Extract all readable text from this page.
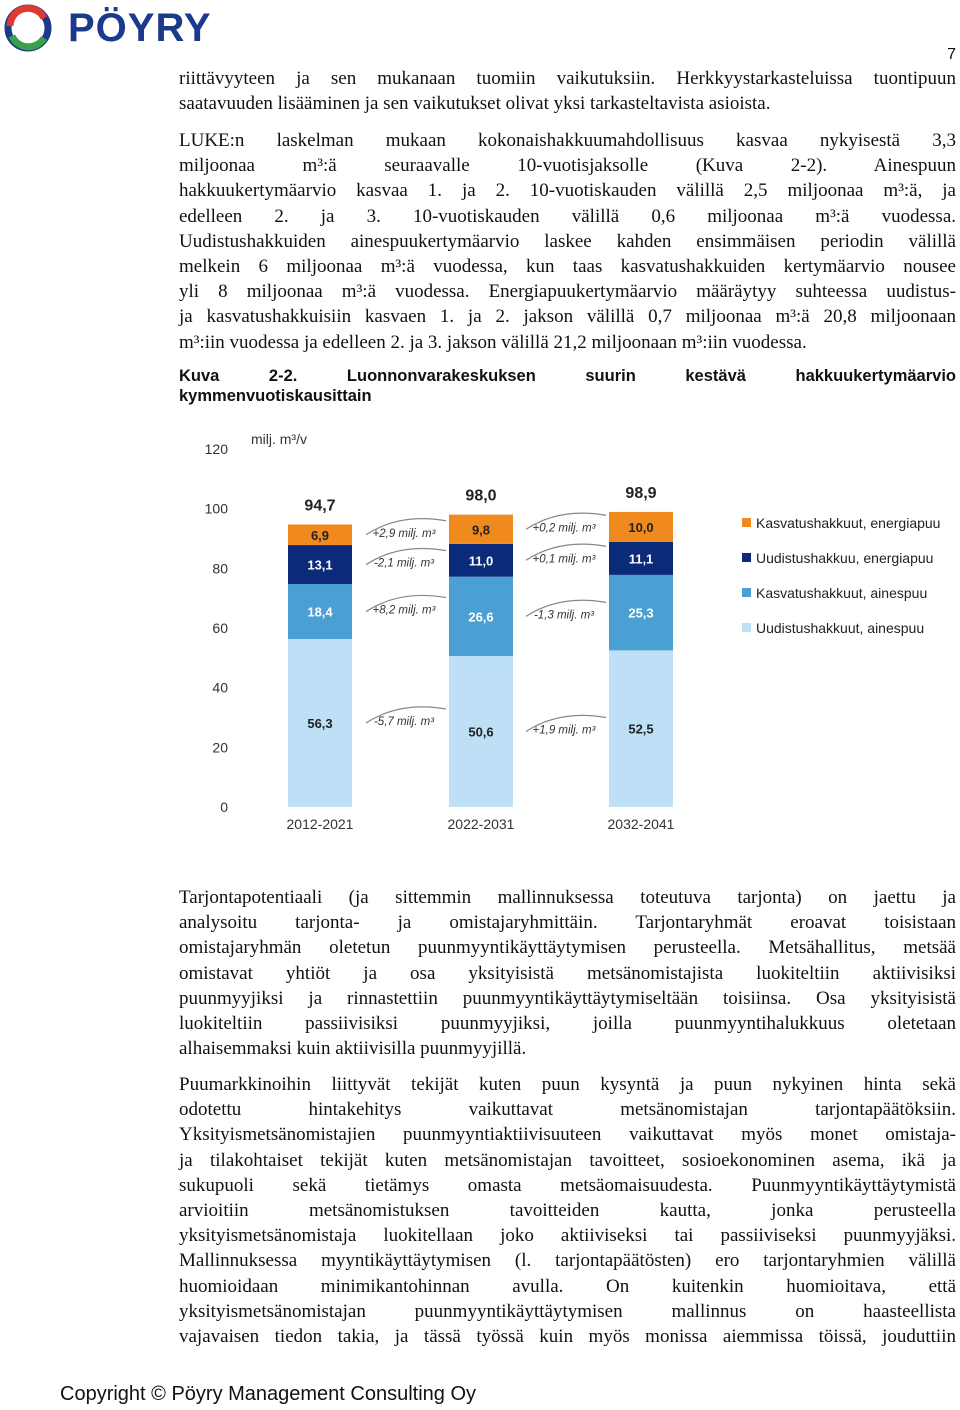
PÖYRY
7
riittävyyteen ja sen mukanaan tuomiin vaikutuksiin. Herkkyystarkasteluissa tuontipuun
saatavuuden lisääminen ja sen vaikutukset olivat yksi tarkasteltavista asioista.
LUKE:n laskelman mukaan kokonaishakkuumahdollisuus kasvaa nykyisestä 3,3
miljoonaa m³:ä seuraavalle 10-vuotisjaksolle (Kuva 2-2). Ainespuun
hakkuukertymäarvio kasvaa 1. ja 2. 10-vuotiskauden välillä 2,5 miljoonaa m³:ä, ja
edelleen 2. ja 3. 10-vuotiskauden välillä 0,6 miljoonaa m³:ä vuodessa.
Uudistushakkuiden ainespuukertymäarvio laskee kahden ensimmäisen periodin välillä
melkein 6 miljoonaa m³:ä vuodessa, kun taas kasvatushakkuiden kertymäarvio nousee
yli 8 miljoonaa m³:ä vuodessa. Energiapuukertymäarvio määräytyy suhteessa uudistus-
ja kasvatushakkuisiin kasvaen 1. ja 2. jakson välillä 0,7 miljoonaa m³:ä 20,8 miljoonaan
m³:iin vuodessa ja edelleen 2. ja 3. jakson välillä 21,2 miljoonaan m³:iin vuodessa.
Kuva 2-2. Luonnonvarakeskuksen suurin kestävä hakkuukertymäarvio
kymmenvuotiskausittain
0
20
40
60
80
100
120
milj. m³/v
56,3
18,4
13,1
6,9
94,7
2012-2021
50,6
26,6
11,0
9,8
98,0
2022-2031
52,5
25,3
11,1
10,0
98,9
2032-2041
+2,9 milj. m³
-2,1 milj. m³
+8,2 milj. m³
-5,7 milj. m³
+0,2 milj. m³
+0,1 milj. m³
-1,3 milj. m³
+1,9 milj. m³
Kasvatushakkuut, energiapuu
Uudistushakkuu, energiapuu
Kasvatushakkuut, ainespuu
Uudistushakkuut, ainespuu
Tarjontapotentiaali (ja sittemmin mallinnuksessa toteutuva tarjonta) on jaettu ja
analysoitu tarjonta- ja omistajaryhmittäin. Tarjontaryhmät eroavat toisistaan
omistajaryhmän oletetun puunmyyntikäyttäytymisen perusteella. Metsähallitus, metsää
omistavat yhtiöt ja osa yksityisistä metsänomistajista luokiteltiin aktiivisiksi
puunmyyjiksi ja rinnastettiin puunmyyntikäyttäytymiseltään toisiinsa. Osa yksityisistä
luokiteltiin passiivisiksi puunmyyjiksi, joilla puunmyyntihalukkuus oletetaan
alhaisemmaksi kuin aktiivisilla puunmyyjillä.
Puumarkkinoihin liittyvät tekijät kuten puun kysyntä ja puun nykyinen hinta sekä
odotettu hintakehitys vaikuttavat metsänomistajan tarjontapäätöksiin.
Yksityismetsänomistajien puunmyyntiaktiivisuuteen vaikuttavat myös monet omistaja-
ja tilakohtaiset tekijät kuten metsänomistajan tavoitteet, sosioekonominen asema, ikä ja
sukupuoli sekä tietämys omasta metsäomaisuudesta. Puunmyyntikäyttäytymistä
arvioitiin metsänomistuksen tavoitteiden kautta, jonka perusteella
yksityismetsänomistaja luokitellaan joko aktiiviseksi tai passiiviseksi puunmyyjäksi.
Mallinnuksessa myyntikäyttäytymisen (l. tarjontapäätösten) ero tarjontaryhmien välillä
huomioidaan minimikantohinnan avulla. On kuitenkin huomioitava, että
yksityismetsänomistajan puunmyyntikäyttäytymisen mallinnus on haasteellista
vajavaisen tiedon takia, ja tässä työssä kuin myös monissa aiemmissa töissä, jouduttiin
Copyright © Pöyry Management Consulting Oy
